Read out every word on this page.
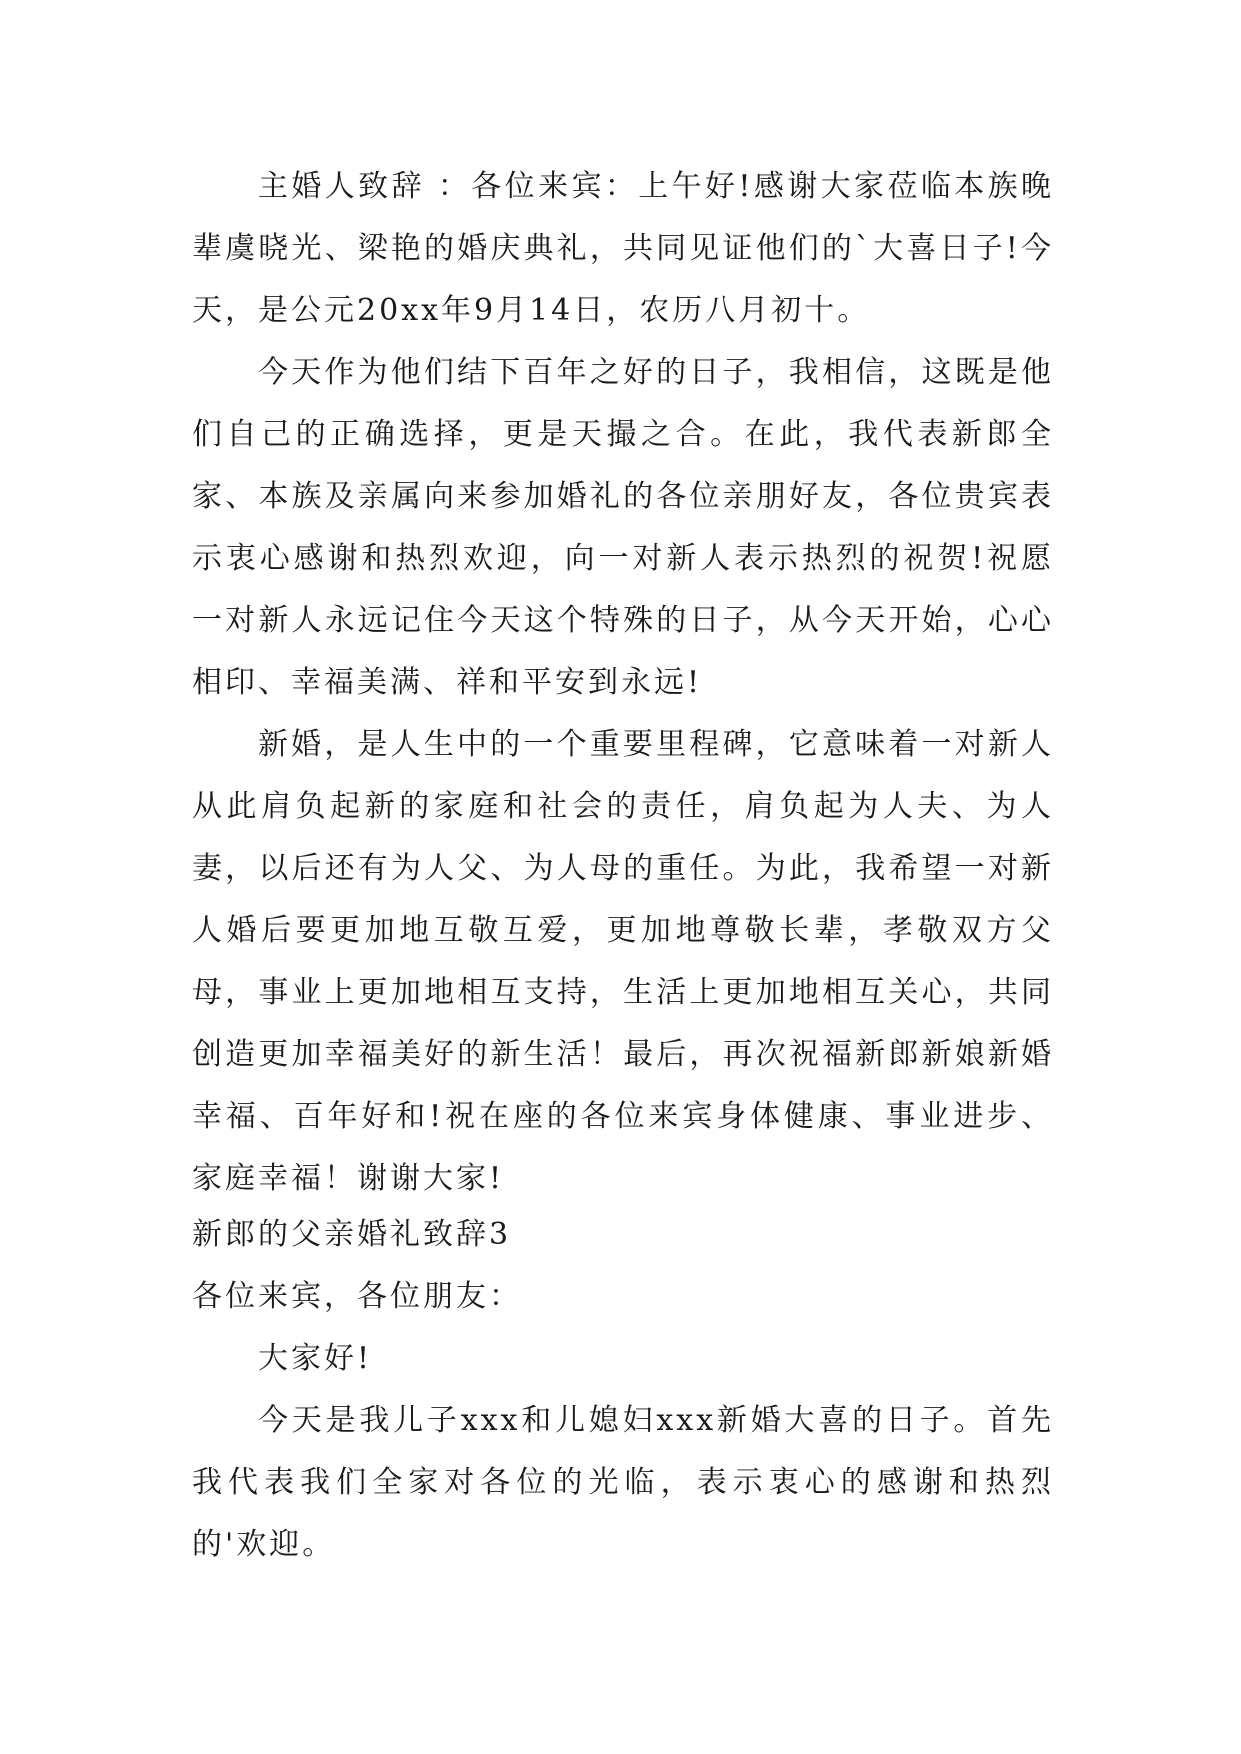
主婚人致辞 ：各位来宾：上午好!感谢大家莅临本族晚辈虞晓光、梁艳的婚庆典礼，共同见证他们的`大喜日子!今天，是公元20xx年9月14日，农历八月初十。

今天作为他们结下百年之好的日子，我相信，这既是他们自己的正确选择，更是天撮之合。在此，我代表新郎全家、本族及亲属向来参加婚礼的各位亲朋好友，各位贵宾表示衷心感谢和热烈欢迎，向一对新人表示热烈的祝贺!祝愿一对新人永远记住今天这个特殊的日子，从今天开始，心心相印、幸福美满、祥和平安到永远!

新婚，是人生中的一个重要里程碑，它意味着一对新人从此肩负起新的家庭和社会的责任，肩负起为人夫、为人妻，以后还有为人父、为人母的重任。为此，我希望一对新人婚后要更加地互敬互爱，更加地尊敬长辈，孝敬双方父母，事业上更加地相互支持，生活上更加地相互关心，共同创造更加幸福美好的新生活！最后，再次祝福新郎新娘新婚幸福、百年好和!祝在座的各位来宾身体健康、事业进步、家庭幸福！谢谢大家!

新郎的父亲婚礼致辞3

各位来宾，各位朋友：

大家好!

今天是我儿子xxx和儿媳妇xxx新婚大喜的日子。首先我代表我们全家对各位的光临，表示衷心的感谢和热烈的'欢迎。
